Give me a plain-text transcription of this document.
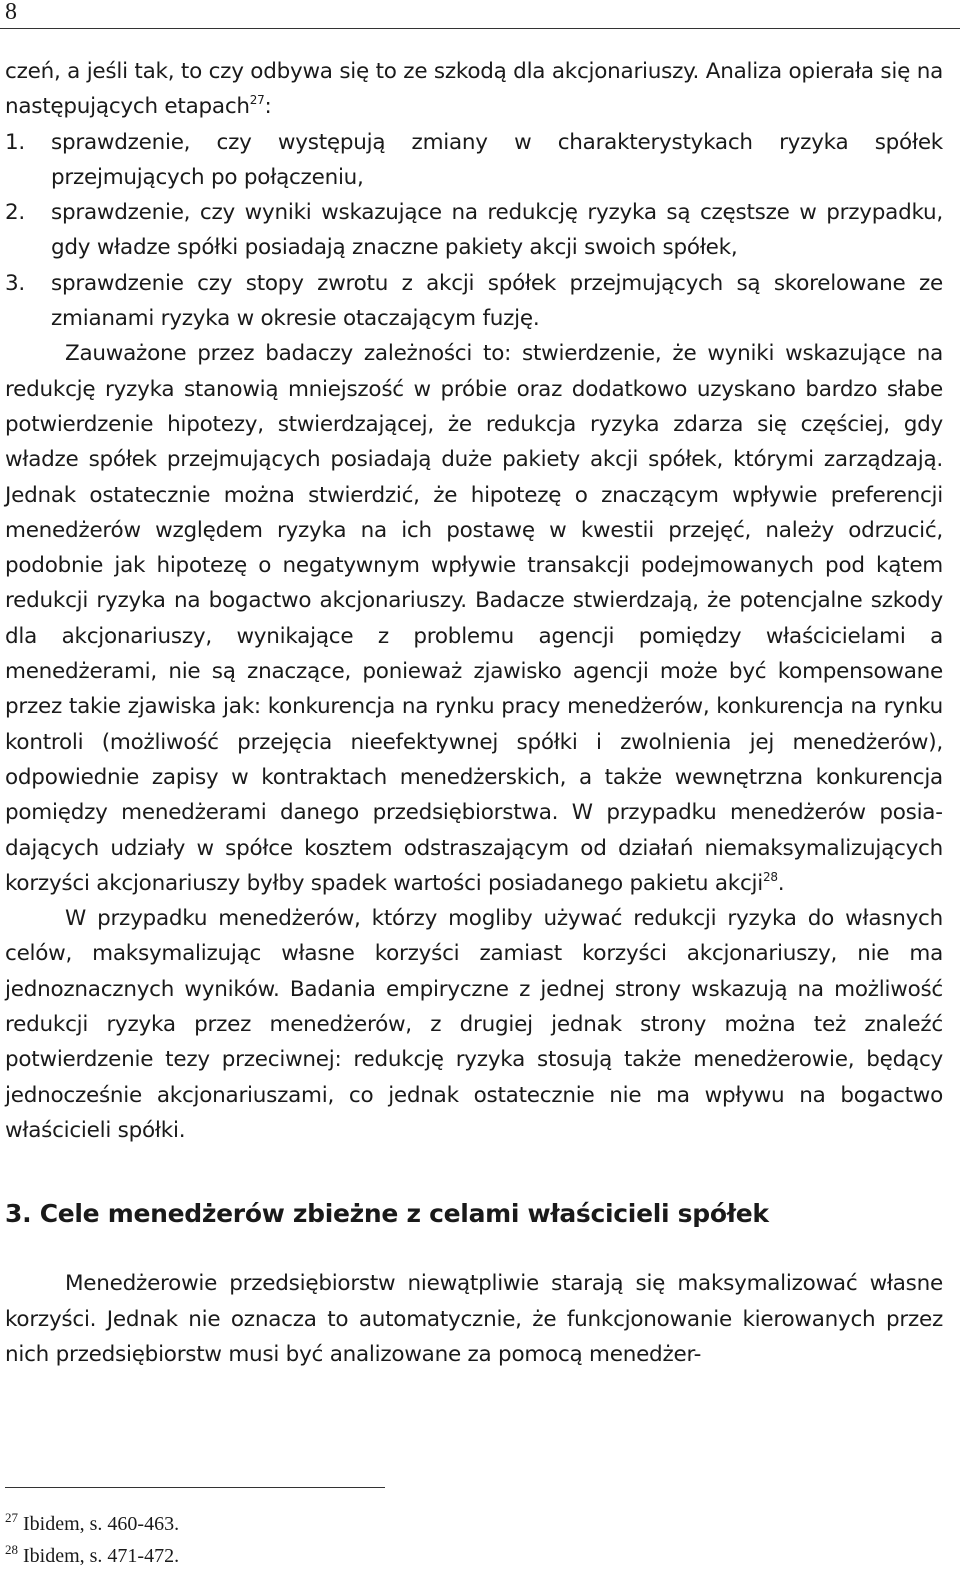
8

czeń, a jeśli tak, to czy odbywa się to ze szkodą dla akcjonariuszy. Analiza opierała się na następujących etapach$^{27}$:

1. sprawdzenie, czy występują zmiany w charakterystykach ryzyka spółek przejmujących po połączeniu,

2. sprawdzenie, czy wyniki wskazujące na redukcję ryzyka są częstsze w przypadku, gdy władze spółki posiadają znaczne pakiety akcji swoich spółek,

3. sprawdzenie czy stopy zwrotu z akcji spółek przejmujących są skorelowane ze zmianami ryzyka w okresie otaczającym fuzję.

Zauważone przez badaczy zależności to: stwierdzenie, że wyniki wskazujące na redukcję ryzyka stanowią mniejszość w próbie oraz dodatkowo uzyskano bardzo słabe potwierdzenie hipotezy, stwierdzającej, że redukcja ryzyka zdarza się częściej, gdy władze spółek przejmujących posiadają duże pakiety akcji spółek, którymi zarządzają. Jednak ostatecznie można stwierdzić, że hipotezę o znaczącym wpływie preferencji menedżerów względem ryzyka na ich postawę w kwestii przejęć, należy odrzucić, podobnie jak hipotezę o negatywnym wpływie transakcji podejmowanych pod kątem redukcji ryzyka na bogactwo akcjonariuszy. Badacze stwierdzają, że potencjalne szkody dla akcjonariuszy, wynikające z problemu agencji pomiędzy właścicielami a menedżerami, nie są znaczące, ponieważ zjawisko agencji może być kompensowane przez takie zjawiska jak: konkurencja na rynku pracy menedżerów, konkurencja na rynku kontroli (możliwość przejęcia nieefektywnej spółki i zwolnienia jej menedżerów), odpowiednie zapisy w kontraktach menedżerskich, a także wewnętrzna konkurencja pomiędzy menedżerami danego przedsiębiorstwa. W przypadku menedżerów posiadających udziały w spółce kosztem odstraszającym od działań niemaksymalizujących korzyści akcjonariuszy byłby spadek wartości posiadanego pakietu akcji$^{28}$.

W przypadku menedżerów, którzy mogliby używać redukcji ryzyka do własnych celów, maksymalizując własne korzyści zamiast korzyści akcjonariuszy, nie ma jednoznacznych wyników. Badania empiryczne z jednej strony wskazują na możliwość redukcji ryzyka przez menedżerów, z drugiej jednak strony można też znaleźć potwierdzenie tezy przeciwnej: redukcję ryzyka stosują także menedżerowie, będący jednocześnie akcjonariuszami, co jednak ostatecznie nie ma wpływu na bogactwo właścicieli spółki.

3. Cele menedżerów zbieżne z celami właścicieli spółek

Menedżerowie przedsiębiorstw niewątpliwie starają się maksymalizować własne korzyści. Jednak nie oznacza to automatycznie, że funkcjonowanie kierowanych przez nich przedsiębiorstw musi być analizowane za pomocą menedżer-

$^{27}$ Ibidem, s. 460-463.
$^{28}$ Ibidem, s. 471-472.
